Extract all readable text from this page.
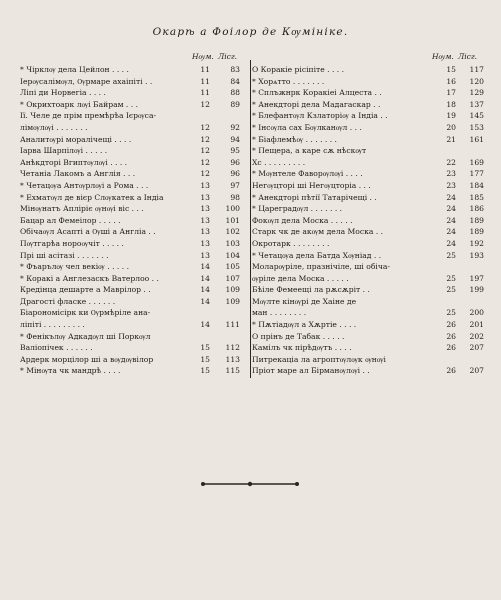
Окарѣ а Фоілор де Кѹмініке.
Нѹм. Лісг.
* Чірклѹ дела Цейлон . . . .	11	83
Іерѹсалімѹл, Ѹрмаре ахаіпіті . .	11	84
Ліпі ди Норвегіа . . . .	11	88
* Окрихтоарк лѹі Байрам . . .	12	89
Ії. Челе де прім премѣрѣа Ієрѹса-
лімѹлѹі . . . . . . .	12	92
Аналитѹрі моралічещі . . . .	12	94
Іарва Шарпілѹі . . . . .	12	95
Анѣкдторі Вгиптѹлѹі . . . .	12	96
Четаніа Лакомъ а Англія . . .	12	96
* Четацѹа Антѹрлѹі а Рома . . .	13	97
* Ехматѹл де вієр Слѹкатек а Індіа	13	98
Мінѹнатъ Апліріє ѹнѹі віс . . .	13	100
Бацар ал Фемеілор . . . . .	13	101
Обічаѹл Асапті а Ѹші а Англіа . .	13	102
Пѹтгарѣа нороѹчіт . . . . .	13	103
Прі ші асітазі . . . . . . .	13	104
* Фъарълѹ чел векіѹ . . . . .	14	105
* Коракі а Англезаскъ Ватерлоо . .	14	107
Кредінца дешарте а Маврілор . .	14	109
Драгості фласке . . . . . .	14	109
Біарономісірк ки Ѹрмѣріле ана-
ліпіті . . . . . . . . .	14	111
* Фенікълѹ Адкадѹл ші Поркѹл
Валіопічек . . . . . .	15	112
Ардерк морцілор ші а вѹдѹвілор	15	113
* Мінѹта чк мандрѣ . . . .	15	115
Нѹм. Лісг.
О Коракіе рісіпіте . . . .	15	117
* Хорѧтто . . . . . . .	16	120
* Сплъжнрк Коракіеі Алцеста . .	17	129
* Анекдторі дела Мадагаскар . .	18	137
* Блефантѹл Кзлаторіѹ а Індіа . .	19	145
* Інсѹла сах Бѹлканѹл . . .	20	153
* Біафлемѣѹ . . . . . . .	21	161
* Пещера, а каре сѫ нѣскѹт
Хс . . . . . . . . .	22	169
* Мѹнтеле Фаворѹлѹі . . . .	23	177
Негѹцторі ші Негѹцторіа . . .	23	184
* Анекдторі пѣтії Татарічещі . .	24	185
* Цареградѹл . . . . . . .	24	186
Фокѹл дела Моска . . . . .	24	189
Старк чк де акѹм дела Моска . .	24	189
Окротарк . . . . . . . .	24	192
* Четацѹа дела Батда Хѹніад . .	25	193
Моларѹріле, празнічіле, ші обіча-
ѹріле дела Моска . . . . .	25	197
Бѣіле Фемеещі ла рѫсѫріт . .	25	199
Мѹлте кінѹрі де Хаіне де
ман . . . . . . . .	25	200
* Пѫтіадѹл а Хѫртіе . . . .	26	201
О прінъ де Табак . . . . .	26	202
Камілъ чк пірѣдѹтъ . . . .	26	207
Питрекаціа ла агроптѹлѹк ѹнѹі
Пріот маре ал Бірманѹлѹі . .	26	207
